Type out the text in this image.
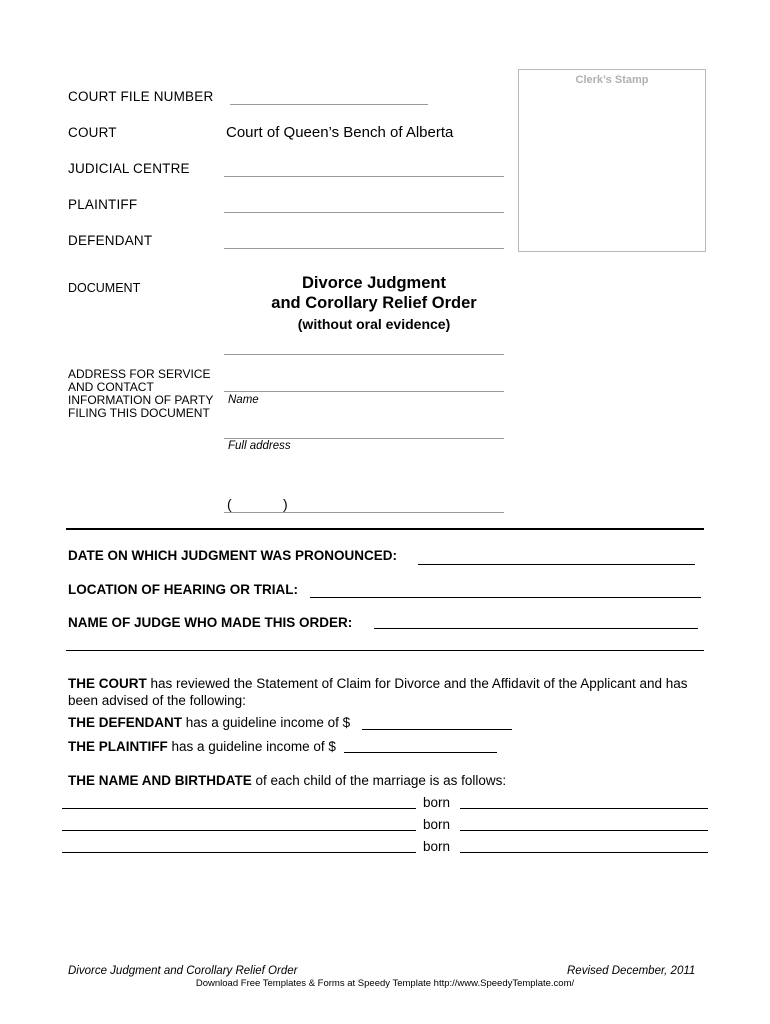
Clerk’s Stamp
COURT FILE NUMBER
COURT	Court of Queen’s Bench of Alberta
JUDICIAL CENTRE
PLAINTIFF
DEFENDANT
DOCUMENT	Divorce Judgment
and Corollary Relief Order
(without oral evidence)
ADDRESS FOR SERVICE
AND CONTACT
INFORMATION OF PARTY
FILING THIS DOCUMENT
Name
Full address
(	)
DATE ON WHICH JUDGMENT WAS PRONOUNCED:
LOCATION OF HEARING OR TRIAL:
NAME OF JUDGE WHO MADE THIS ORDER:
THE COURT has reviewed the Statement of Claim for Divorce and the Affidavit of the Applicant and has been advised of the following:
THE DEFENDANT has a guideline income of $
THE PLAINTIFF has a guideline income of $
THE NAME AND BIRTHDATE of each child of the marriage is as follows:
born
born
born
Divorce Judgment and Corollary Relief Order	Revised December, 2011
Download Free Templates & Forms at Speedy Template http://www.SpeedyTemplate.com/
